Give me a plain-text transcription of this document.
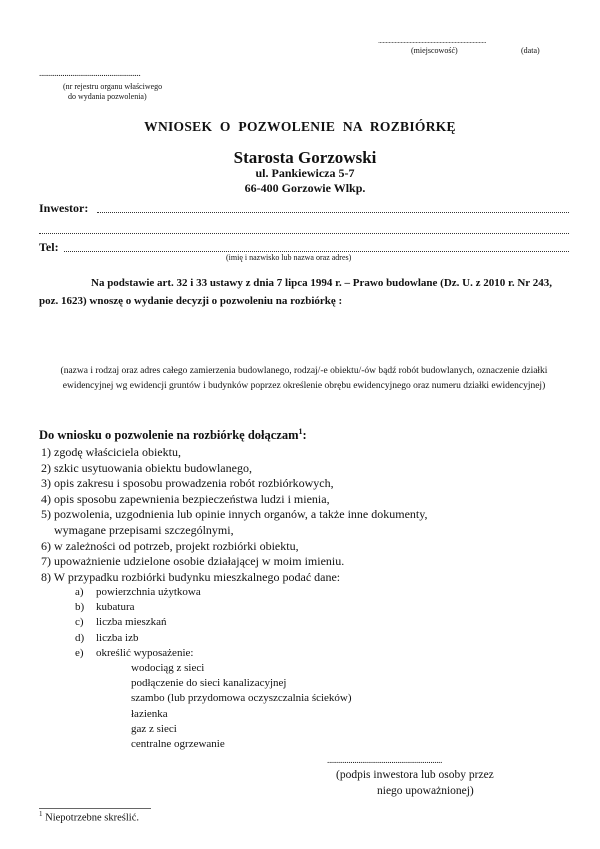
........................................................................
(miejscowość)	(data)
....................................................
(nr rejestru organu właściwego
do wydania pozwolenia)
WNIOSEK O POZWOLENIE NA ROZBIÓRKĘ
Starosta Gorzowski
ul. Pankiewicza 5-7
66-400 Gorzowie Wlkp.
Inwestor:
Tel:
(imię i nazwisko lub nazwa oraz adres)
Na podstawie art. 32 i 33 ustawy z dnia 7 lipca 1994 r. – Prawo budowlane (Dz. U. z 2010 r. Nr 243, poz. 1623) wnoszę o wydanie decyzji o pozwoleniu na rozbiórkę :
(nazwa i rodzaj oraz adres całego zamierzenia budowlanego, rodzaj/-e obiektu/-ów bądź robót budowlanych, oznaczenie działki ewidencyjnej wg ewidencji gruntów i budynków poprzez określenie obrębu ewidencyjnego oraz numeru działki ewidencyjnej)
Do wniosku o pozwolenie na rozbiórkę dołączam$^1$:
1) zgodę właściciela obiektu,
2) szkic usytuowania obiektu budowlanego,
3) opis zakresu i sposobu prowadzenia robót rozbiórkowych,
4) opis sposobu zapewnienia bezpieczeństwa ludzi i mienia,
5) pozwolenia, uzgodnienia lub opinie innych organów, a także inne dokumenty,
wymagane przepisami szczególnymi,
6) w zależności od potrzeb, projekt rozbiórki obiektu,
7) upoważnienie udzielone osobie działającej w moim imieniu.
8) W przypadku rozbiórki budynku mieszkalnego podać dane:
a) powierzchnia użytkowa
b) kubatura
c) liczba mieszkań
d) liczba izb
e) określić wyposażenie:
wodociąg z sieci
podłączenie do sieci kanalizacyjnej
szambo (lub przydomowa oczyszczalnia ścieków)
łazienka
gaz z sieci
centralne ogrzewanie
...........................................................
(podpis inwestora lub osoby przez
niego upoważnionej)
$^1$ Niepotrzebne skreślić.
